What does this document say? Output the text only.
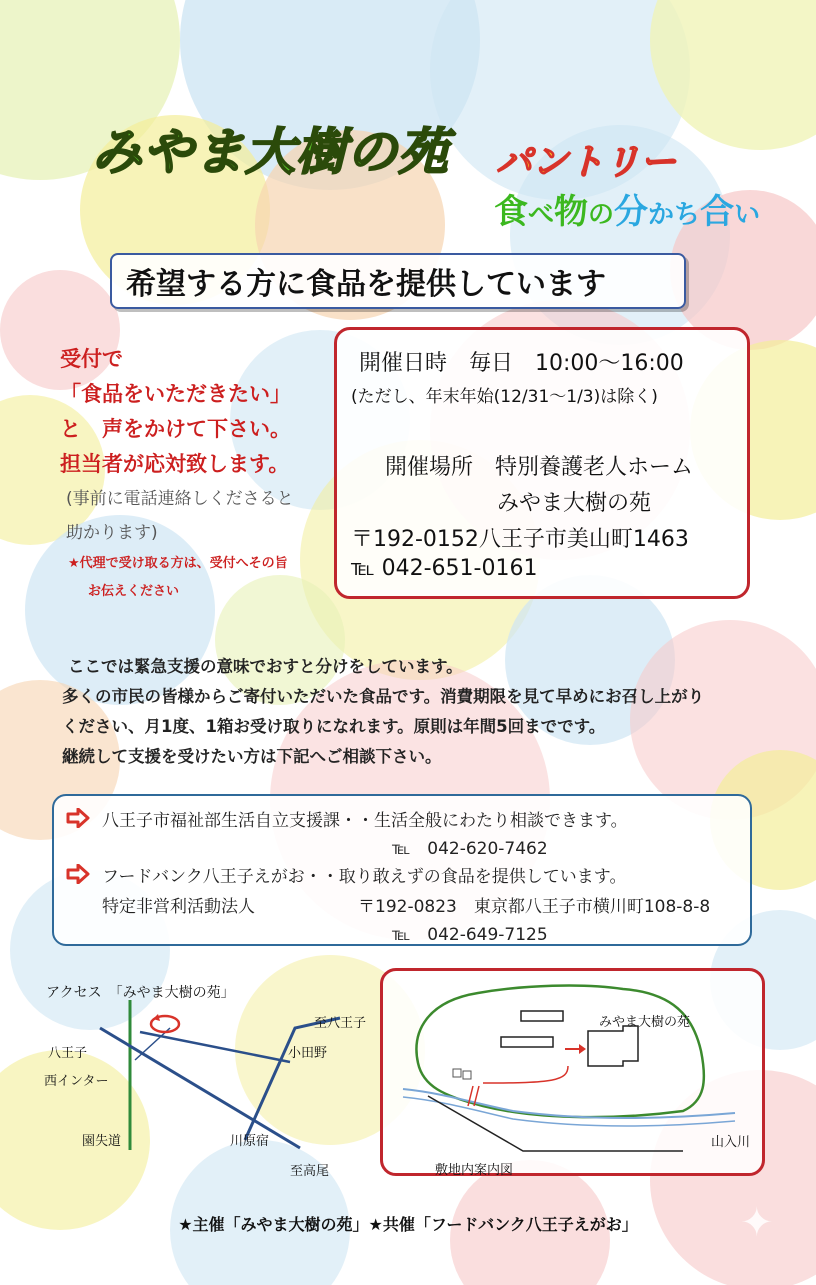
みやま大樹の苑 パントリー
食べ物の分かち合い
希望する方に食品を提供しています
受付で
「食品をいただきたい」
と　声をかけて下さい。
担当者が応対致します。
(事前に電話連絡しくださると
助かります)
★代理で受け取る方は、受付へその旨
お伝えください
開催日時　毎日　10:00～16:00
(ただし、年末年始(12/31～1/3)は除く)
開催場所　特別養護老人ホーム
みやま大樹の苑
〒192-0152八王子市美山町1463
℡ 042-651-0161
ここでは緊急支援の意味でおすと分けをしています。
多くの市民の皆様からご寄付いただいた食品です。消費期限を見て早めにお召し上がり
ください、月1度、1箱お受け取りになれます。原則は年間5回までです。
継続して支援を受けたい方は下記へご相談下さい。
八王子市福祉部生活自立支援課・・生活全般にわたり相談できます。
℡　042-620-7462
フードバンク八王子えがお・・取り敢えずの食品を提供しています。
特定非営利活動法人	〒192-0823　東京都八王子市横川町108-8-8
℡　042-649-7125
アクセス　「みやま大樹の苑」
八王子
西インター
至八王子
小田野
園失道	川原宿
至高尾
みやま大樹の苑
山入川
敷地内案内図
★主催「みやま大樹の苑」★共催「フードバンク八王子えがお」	✦
